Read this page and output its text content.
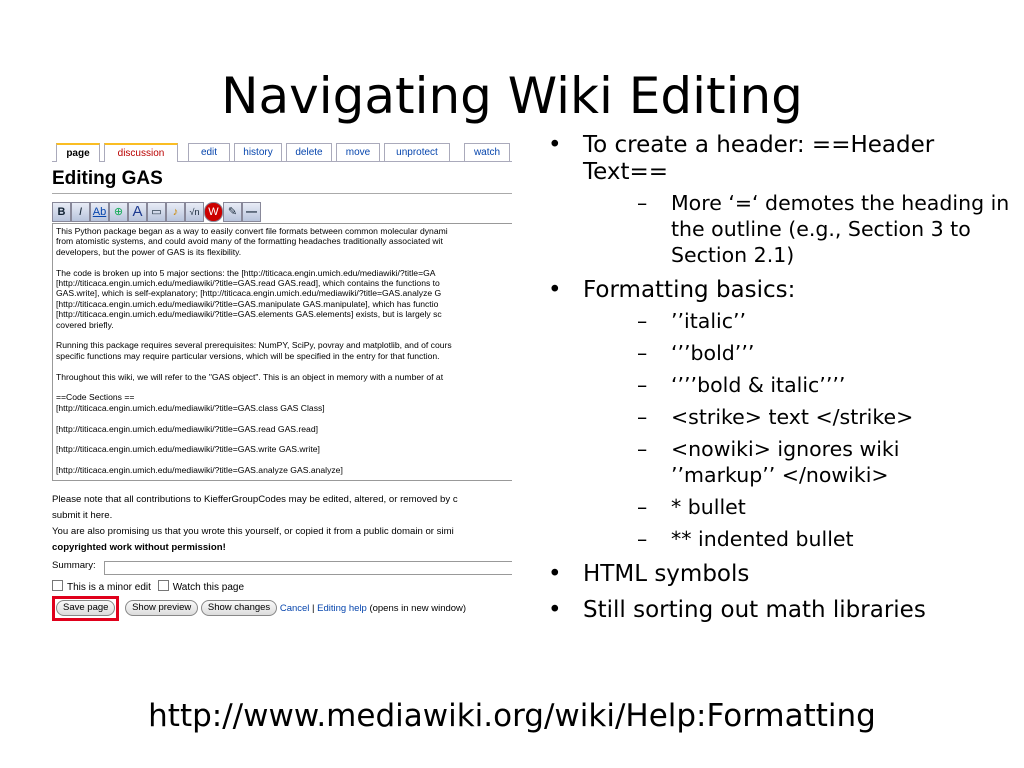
Navigating Wiki Editing
page	discussion	edit	history	delete	move	unprotect	watch
Editing GAS
B	I Ab ⊕ A ▭	♪	√n W ✎ —
This Python package began as a way to easily convert file formats between common molecular dynami
from atomistic systems, and could avoid many of the formatting headaches traditionally associated wit
developers, but the power of GAS is its flexibility.
The code is broken up into 5 major sections: the [http://titicaca.engin.umich.edu/mediawiki/?title=GA
[http://titicaca.engin.umich.edu/mediawiki/?title=GAS.read GAS.read], which contains the functions to
GAS.write], which is self-explanatory; [http://titicaca.engin.umich.edu/mediawiki/?title=GAS.analyze G
[http://titicaca.engin.umich.edu/mediawiki/?title=GAS.manipulate GAS.manipulate], which has functio
[http://titicaca.engin.umich.edu/mediawiki/?title=GAS.elements GAS.elements] exists, but is largely sc
covered briefly.
Running this package requires several prerequisites: NumPY, SciPy, povray and matplotlib, and of cours
specific functions may require particular versions, which will be specified in the entry for that function.
Throughout this wiki, we will refer to the "GAS object". This is an object in memory with a number of at
==Code Sections ==
[http://titicaca.engin.umich.edu/mediawiki/?title=GAS.class GAS Class]
[http://titicaca.engin.umich.edu/mediawiki/?title=GAS.read GAS.read]
[http://titicaca.engin.umich.edu/mediawiki/?title=GAS.write GAS.write]
[http://titicaca.engin.umich.edu/mediawiki/?title=GAS.analyze GAS.analyze]
Please note that all contributions to KiefferGroupCodes may be edited, altered, or removed by c
submit it here.
You are also promising us that you wrote this yourself, or copied it from a public domain or simi
copyrighted work without permission!
Summary:
This is a minor edit Watch this page
Save page Show preview Show changes Cancel | Editing help (opens in new window)
• To create a header: ==Header Text==
– More ‘=‘ demotes the heading in the outline (e.g., Section 3 to Section 2.1)
• Formatting basics:
– ’’italic’’
– ‘’’bold’’’
– ‘’’’bold & italic’’’’
– <strike> text </strike>
– <nowiki> ignores wiki ’’markup’’ </nowiki>
– * bullet
– ** indented bullet
• HTML symbols
• Still sorting out math libraries
http://www.mediawiki.org/wiki/Help:Formatting
